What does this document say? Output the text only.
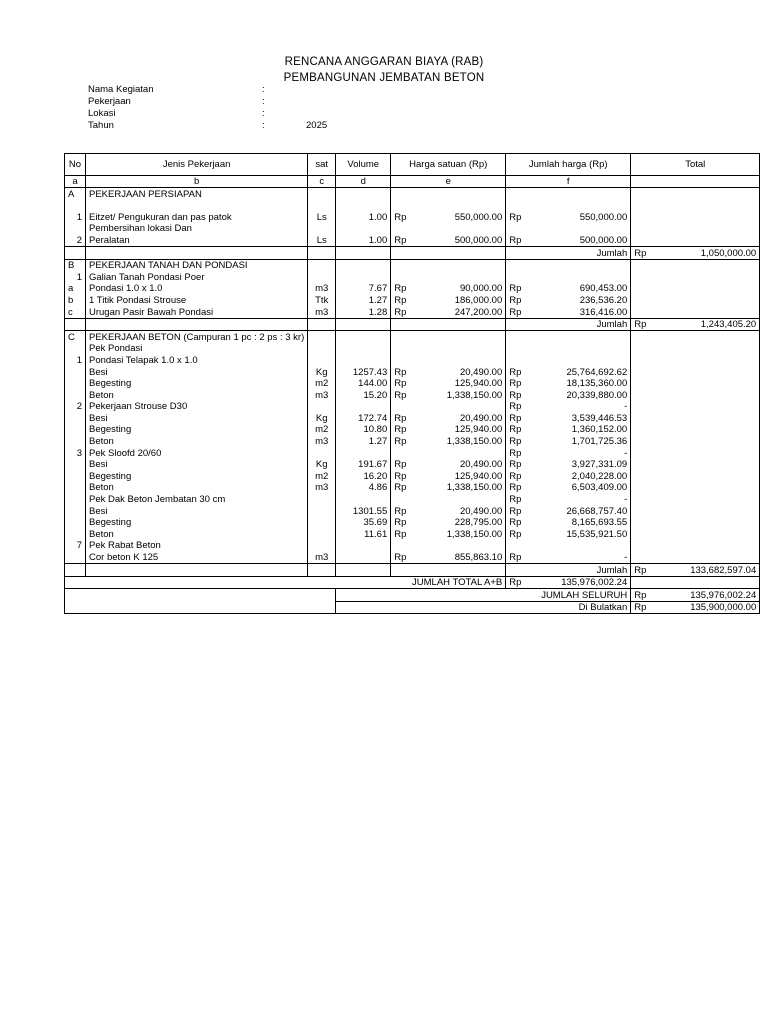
RENCANA ANGGARAN BIAYA (RAB)
PEMBANGUNAN JEMBATAN BETON
Nama Kegiatan	:
Pekerjaan	:
Lokasi	:
Tahun	:	2025
No	Jenis Pekerjaan	sat	Volume	Harga satuan (Rp)		Jumlah harga (Rp)		Total	
a	b	c	d	e		f			
A	PEKERJAAN PERSIAPAN								

1	Eitzet/ Pengukuran dan pas patok	Ls	1.00	Rp	550,000.00	Rp	550,000.00		
	Pembersihan lokasi Dan								
2	Peralatan	Ls	1.00	Rp	500,000.00	Rp	500,000.00		
							Jumlah	Rp	1,050,000.00
B	PEKERJAAN TANAH DAN PONDASI								
1	Galian Tanah Pondasi Poer								
a	Pondasi 1.0 x 1.0	m3	7.67	Rp	90,000.00	Rp	690,453.00		
b	1 Titik Pondasi Strouse	Ttk	1.27	Rp	186,000.00	Rp	236,536.20		
c	Urugan Pasir Bawah Pondasi	m3	1.28	Rp	247,200.00	Rp	316,416.00		
							Jumlah	Rp	1,243,405.20
C	PEKERJAAN BETON (Campuran 1 pc : 2 ps : 3 kr)								
	Pek Pondasi								
1	Pondasi Telapak 1.0 x 1.0								
	Besi	Kg	1257.43	Rp	20,490.00	Rp	25,764,692.62		
	Begesting	m2	144.00	Rp	125,940.00	Rp	18,135,360.00		
	Beton	m3	15.20	Rp	1,338,150.00	Rp	20,339,880.00		
2	Pekerjaan Strouse D30					Rp	-		
	Besi	Kg	172.74	Rp	20,490.00	Rp	3,539,446.53		
	Begesting	m2	10.80	Rp	125,940.00	Rp	1,360,152.00		
	Beton	m3	1.27	Rp	1,338,150.00	Rp	1,701,725.36		
3	Pek Sloofd 20/60					Rp	-		
	Besi	Kg	191.67	Rp	20,490.00	Rp	3,927,331.09		
	Begesting	m2	16.20	Rp	125,940.00	Rp	2,040,228.00		
	Beton	m3	4.86	Rp	1,338,150.00	Rp	6,503,409.00		
	Pek Dak Beton Jembatan 30 cm					Rp	-		
	Besi		1301.55	Rp	20,490.00	Rp	26,668,757.40		
	Begesting		35.69	Rp	228,795.00	Rp	8,165,693.55		
	Beton		11.61	Rp	1,338,150.00	Rp	15,535,921.50		
7	Pek Rabat Beton								
	Cor beton K 125	m3		Rp	855,863.10	Rp	-		
							Jumlah	Rp	133,682,597.04
JUMLAH TOTAL A+B						Rp	135,976,002.24		
			JUMLAH SELURUH					Rp	135,976,002.24
			Di Bulatkan					Rp	135,900,000.00
